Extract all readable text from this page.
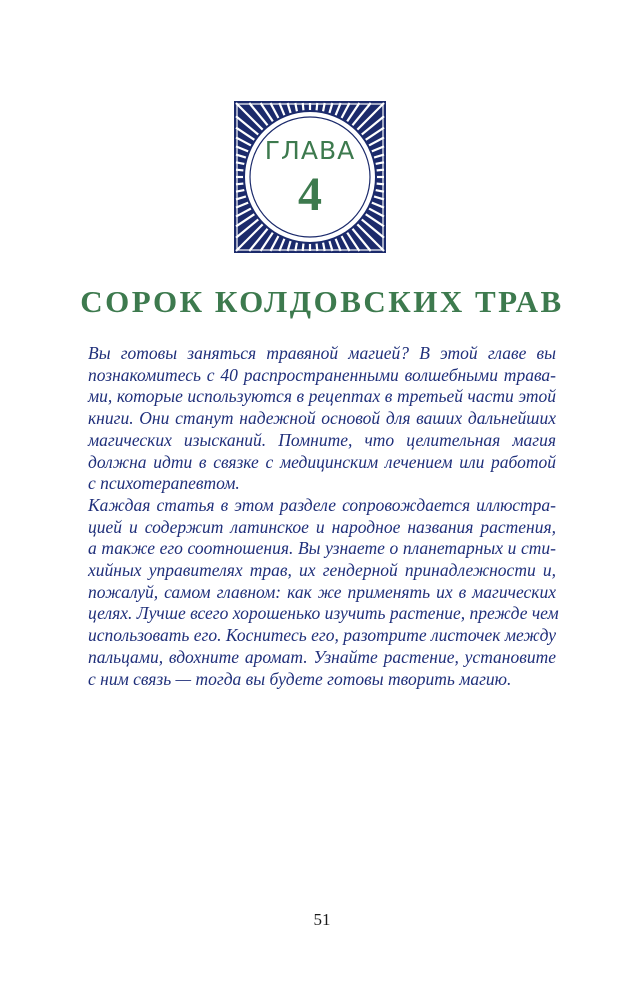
ГЛАВА
4
СОРОК КОЛДОВСКИХ ТРАВ

Вы готовы заняться травяной магией? В этой главе вы
познакомитесь с 40 распространенными волшебными трава-
ми, которые используются в рецептах в третьей части этой
книги. Они станут надежной основой для ваших дальнейших
магических изысканий. Помните, что целительная магия
должна идти в связке с медицинским лечением или работой
с психотерапевтом.

Каждая статья в этом разделе сопровождается иллюстра-
цией и содержит латинское и народное названия растения,
а также его соотношения. Вы узнаете о планетарных и сти-
хийных управителях трав, их гендерной принадлежности и,
пожалуй, самом главном: как же применять их в магических
целях. Лучше всего хорошенько изучить растение, прежде чем
использовать его. Коснитесь его, разотрите листочек между
пальцами, вдохните аромат. Узнайте растение, установите
с ним связь — тогда вы будете готовы творить магию.

51
